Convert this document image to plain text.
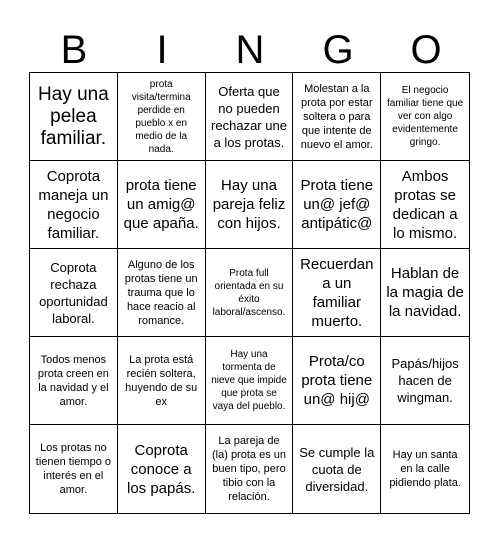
B	I	N	G	O
Hay una pelea familiar.
prota visita/termina perdide en pueblo x en medio de la nada.
Oferta que no pueden rechazar une a los protas.
Molestan a la prota por estar soltera o para que intente de nuevo el amor.
El negocio familiar tiene que ver con algo evidentemente gringo.
Coprota maneja un negocio familiar.
prota tiene un amig@ que apaña.
Hay una pareja feliz con hijos.
Prota tiene un@ jef@ antipátic@
Ambos protas se dedican a lo mismo.
Coprota rechaza oportunidad laboral.
Alguno de los protas tiene un trauma que lo hace reacio al romance.
Prota full orientada en su éxito laboral/ascenso.
Recuerdan a un familiar muerto.
Hablan de la magia de la navidad.
Todos menos prota creen en la navidad y el amor.
La prota está recién soltera, huyendo de su ex
Hay una tormenta de nieve que impide que prota se vaya del pueblo.
Prota/co prota tiene un@ hij@
Papás/hijos hacen de wingman.
Los protas no tienen tiempo o interés en el amor.
Coprota conoce a los papás.
La pareja de (la) prota es un buen tipo, pero tibio con la relación.
Se cumple la cuota de diversidad.
Hay un santa en la calle pidiendo plata.
